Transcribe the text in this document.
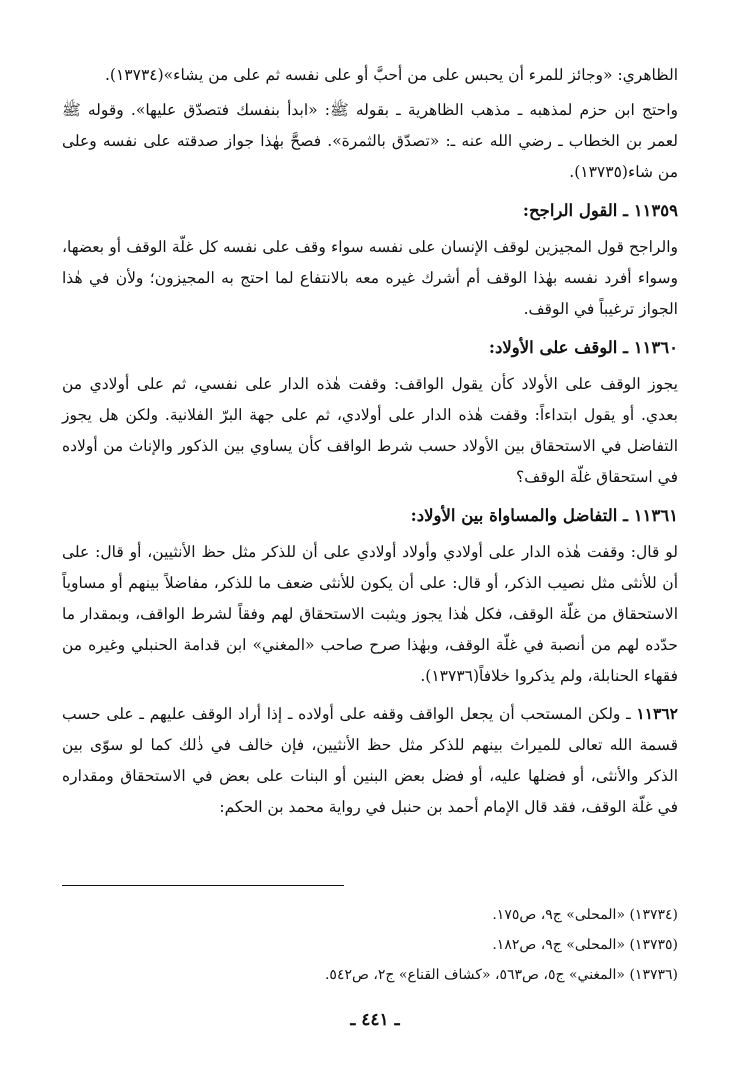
الظاهري: «وجائز للمرء أن يحبس على من أحبَّ أو على نفسه ثم على من يشاء»(١٣٧٣٤).

واحتج ابن حزم لمذهبه ـ مذهب الظاهرية ـ بقوله ﷺ: «ابدأ بنفسك فتصدّق عليها». وقوله ﷺ لعمر بن الخطاب ـ رضي الله عنه ـ: «تصدّق بالثمرة». فصحَّ بهٰذا جواز صدقته على نفسه وعلى من شاء(١٣٧٣٥).

١١٣٥٩ ـ القول الراجح:

والراجح قول المجيزين لوقف الإنسان على نفسه سواء وقف على نفسه كل غلّة الوقف أو بعضها، وسواء أفرد نفسه بهٰذا الوقف أم أشرك غيره معه بالانتفاع لما احتج به المجيزون؛ ولأن في هٰذا الجواز ترغيباً في الوقف.

١١٣٦٠ ـ الوقف على الأولاد:

يجوز الوقف على الأولاد كأن يقول الواقف: وقفت هٰذه الدار على نفسي، ثم على أولادي من بعدي. أو يقول ابتداءاً: وقفت هٰذه الدار على أولادي، ثم على جهة البرّ الفلانية. ولكن هل يجوز التفاضل في الاستحقاق بين الأولاد حسب شرط الواقف كأن يساوي بين الذكور والإناث من أولاده في استحقاق غلّة الوقف؟

١١٣٦١ ـ التفاضل والمساواة بين الأولاد:

لو قال: وقفت هٰذه الدار على أولادي وأولاد أولادي على أن للذكر مثل حظ الأنثيين، أو قال: على أن للأنثى مثل نصيب الذكر، أو قال: على أن يكون للأنثى ضعف ما للذكر، مفاضلاً بينهم أو مساوياً الاستحقاق من غلّة الوقف، فكل هٰذا يجوز ويثبت الاستحقاق لهم وفقاً لشرط الواقف، وبمقدار ما حدّده لهم من أنصبة في غلّة الوقف، وبهٰذا صرح صاحب «المغني» ابن قدامة الحنبلي وغيره من فقهاء الحنابلة، ولم يذكروا خلافاً(١٣٧٣٦).

١١٣٦٢ ـ ولكن المستحب أن يجعل الواقف وقفه على أولاده ـ إذا أراد الوقف عليهم ـ على حسب قسمة الله تعالى للميراث بينهم للذكر مثل حظ الأنثيين، فإن خالف في ذٰلك كما لو سوّى بين الذكر والأنثى، أو فضلها عليه، أو فضل بعض البنين أو البنات على بعض في الاستحقاق ومقداره في غلّة الوقف، فقد قال الإمام أحمد بن حنبل في رواية محمد بن الحكم:

(١٣٧٣٤) «المحلى» ج٩، ص١٧٥.
(١٣٧٣٥) «المحلى» ج٩، ص١٨٢.
(١٣٧٣٦) «المغني» ج٥، ص٥٦٣، «كشاف القناع» ج٢، ص٥٤٢.
ـ ٤٤١ ـ
